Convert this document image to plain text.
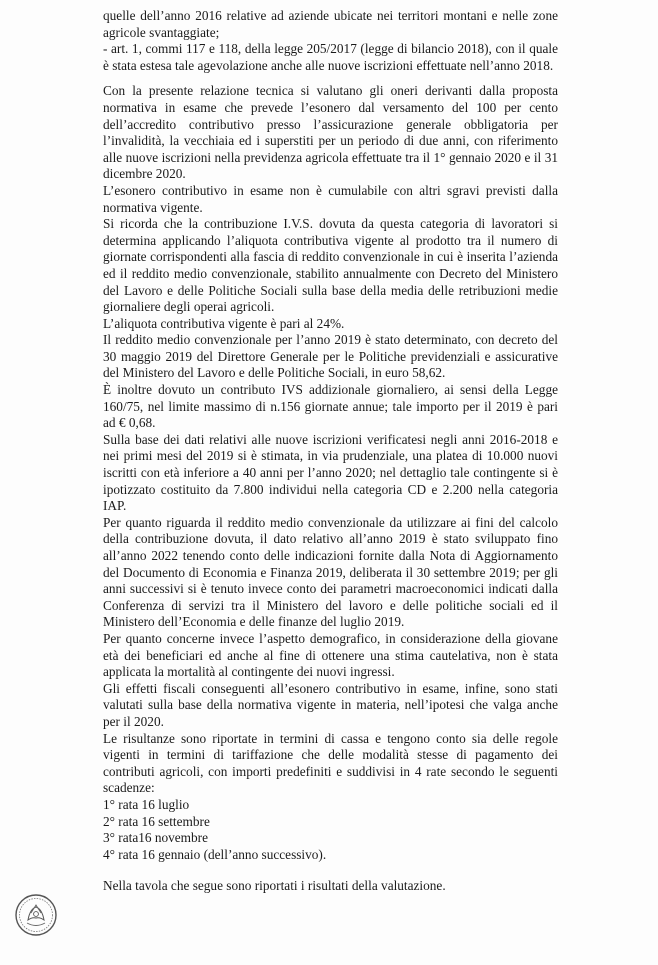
quelle dell’anno 2016 relative ad aziende ubicate nei territori montani e nelle zone agricole svantaggiate;

- art. 1, commi 117 e 118, della legge 205/2017 (legge di bilancio 2018), con il quale è stata estesa tale agevolazione anche alle nuove iscrizioni effettuate nell’anno 2018.

Con la presente relazione tecnica si valutano gli oneri derivanti dalla proposta normativa in esame che prevede l’esonero dal versamento del 100 per cento dell’accredito contributivo presso l’assicurazione generale obbligatoria per l’invalidità, la vecchiaia ed i superstiti per un periodo di due anni, con riferimento alle nuove iscrizioni nella previdenza agricola effettuate tra il 1° gennaio 2020 e il 31 dicembre 2020.

L’esonero contributivo in esame non è cumulabile con altri sgravi previsti dalla normativa vigente.

Si ricorda che la contribuzione I.V.S. dovuta da questa categoria di lavoratori si determina applicando l’aliquota contributiva vigente al prodotto tra il numero di giornate corrispondenti alla fascia di reddito convenzionale in cui è inserita l’azienda ed il reddito medio convenzionale, stabilito annualmente con Decreto del Ministero del Lavoro e delle Politiche Sociali sulla base della media delle retribuzioni medie giornaliere degli operai agricoli.

L’aliquota contributiva vigente è pari al 24%.

Il reddito medio convenzionale per l’anno 2019 è stato determinato, con decreto del 30 maggio 2019 del Direttore Generale per le Politiche previdenziali e assicurative del Ministero del Lavoro e delle Politiche Sociali, in euro 58,62.

È inoltre dovuto un contributo IVS addizionale giornaliero, ai sensi della Legge 160/75, nel limite massimo di n.156 giornate annue; tale importo per il 2019 è pari ad € 0,68.

Sulla base dei dati relativi alle nuove iscrizioni verificatesi negli anni 2016-2018 e nei primi mesi del 2019 si è stimata, in via prudenziale, una platea di 10.000 nuovi iscritti con età inferiore a 40 anni per l’anno 2020; nel dettaglio tale contingente si è ipotizzato costituito da 7.800 individui nella categoria CD e 2.200 nella categoria IAP.

Per quanto riguarda il reddito medio convenzionale da utilizzare ai fini del calcolo della contribuzione dovuta, il dato relativo all’anno 2019 è stato sviluppato fino all’anno 2022 tenendo conto delle indicazioni fornite dalla Nota di Aggiornamento del Documento di Economia e Finanza 2019, deliberata il 30 settembre 2019; per gli anni successivi si è tenuto invece conto dei parametri macroeconomici indicati dalla Conferenza di servizi tra il Ministero del lavoro e delle politiche sociali ed il Ministero dell’Economia e delle finanze del luglio 2019.

Per quanto concerne invece l’aspetto demografico, in considerazione della giovane età dei beneficiari ed anche al fine di ottenere una stima cautelativa, non è stata applicata la mortalità al contingente dei nuovi ingressi.

Gli effetti fiscali conseguenti all’esonero contributivo in esame, infine, sono stati valutati sulla base della normativa vigente in materia, nell’ipotesi che valga anche per il 2020.

Le risultanze sono riportate in termini di cassa e tengono conto sia delle regole vigenti in termini di tariffazione che delle modalità stesse di pagamento dei contributi agricoli, con importi predefiniti e suddivisi in 4 rate secondo le seguenti scadenze:

1° rata 16 luglio

2° rata 16 settembre

3° rata16 novembre

4° rata 16 gennaio (dell’anno successivo).

Nella tavola che segue sono riportati i risultati della valutazione.
